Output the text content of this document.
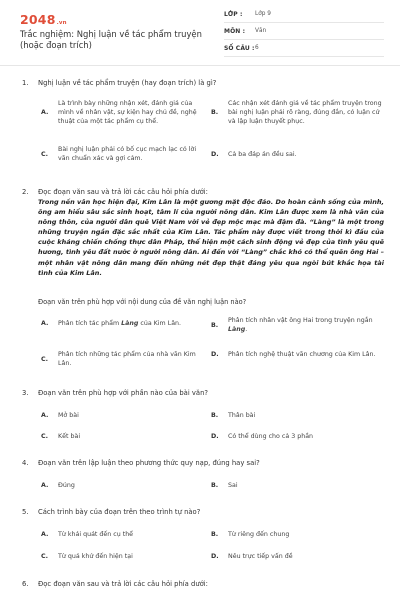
2048.vn
Trắc nghiệm: Nghị luận về tác phẩm truyện (hoặc đoạn trích)
LỚP :	Lớp 9
MÔN :	Văn
SỐ CÂU : 6
1.	Nghị luận về tác phẩm truyện (hay đoạn trích) là gì?
A.
Là trình bày những nhận xét, đánh giá của mình về nhân vật, sự kiện hay chủ đề, nghệ thuật của một tác phẩm cụ thể.
B.
Các nhận xét đánh giá về tác phẩm truyện trong bài nghị luận phải rõ ràng, đúng đắn, có luận cứ và lập luận thuyết phục.
C.
Bài nghị luận phải có bố cục mạch lạc có lời văn chuẩn xác và gợi cảm.
D.	Cả ba đáp án đều sai.
2.	Đọc đoạn văn sau và trả lời các câu hỏi phía dưới:
Trong nền văn học hiện đại, Kim Lân là một gương mặt độc đáo. Do hoàn cảnh sống của mình, ông am hiểu sâu sắc sinh hoạt, tâm lí của người nông dân. Kim Lân được xem là nhà văn của nông thôn, của người dân quê Việt Nam với vẻ đẹp mộc mạc mà đậm đà. “Làng” là một trong những truyện ngắn đặc sắc nhất của Kim Lân. Tác phẩm này được viết trong thời kì đầu của cuộc kháng chiến chống thực dân Pháp, thể hiện một cách sinh động vẻ đẹp của tình yêu quê hương, tình yêu đất nước ở người nông dân. Ai đến với “Làng” chắc khó có thể quên ông Hai – một nhân vật nông dân mang đến những nét đẹp thật đáng yêu qua ngòi bút khắc họa tài tình của Kim Lân.
Đoạn văn trên phù hợp với nội dung của đề văn nghị luận nào?
A.	Phân tích tác phẩm Làng của Kim Lân.	B.
Phân tích nhân vật ông Hai trong truyện ngắn Làng.
C.
Phân tích những tác phẩm của nhà văn Kim Lân.
D.	Phân tích nghệ thuật văn chương của Kim Lân.
3.	Đoạn văn trên phù hợp với phần nào của bài văn?
A.	Mở bài	B.	Thân bài
C.	Kết bài	D.	Có thể dùng cho cả 3 phần
4.	Đoạn văn trên lập luận theo phương thức quy nạp, đúng hay sai?
A.	Đúng	B.	Sai
5.	Cách trình bày của đoạn trên theo trình tự nào?
A.	Từ khái quát đến cụ thể	B.	Từ riêng đến chung
C.	Từ quá khứ đến hiện tại	D.	Nêu trực tiếp vấn đề
6.	Đọc đoạn văn sau và trả lời các câu hỏi phía dưới:
